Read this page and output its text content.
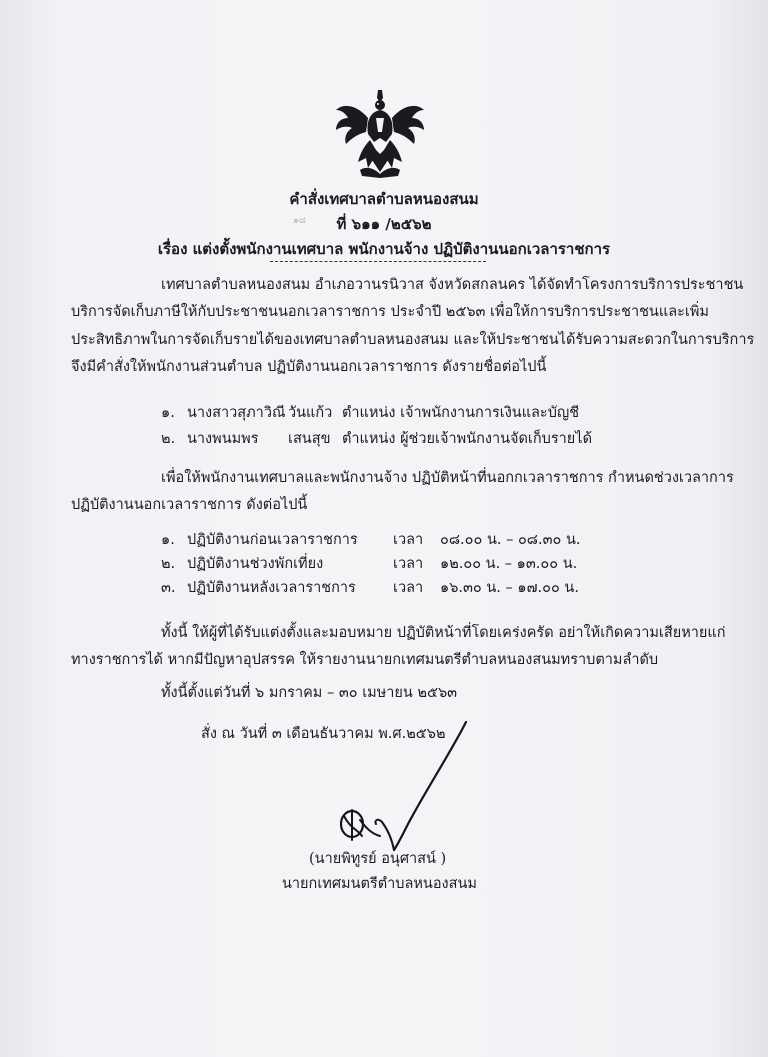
๑๘
คำสั่งเทศบาลตำบลหนองสนม
ที่ ๖๑๑ /๒๕๖๒
เรื่อง แต่งตั้งพนักงานเทศบาล พนักงานจ้าง ปฏิบัติงานนอกเวลาราชการ
เทศบาลตำบลหนองสนม อำเภอวานรนิวาส จังหวัดสกลนคร ได้จัดทำโครงการบริการประชาชน
บริการจัดเก็บภาษีให้กับประชาชนนอกเวลาราชการ ประจำปี ๒๕๖๓ เพื่อให้การบริการประชาชนและเพิ่ม
ประสิทธิภาพในการจัดเก็บรายได้ของเทศบาลตำบลหนองสนม และให้ประชาชนได้รับความสะดวกในการบริการ
จึงมีคำสั่งให้พนักงานส่วนตำบล ปฏิบัติงานนอกเวลาราชการ ดังรายชื่อต่อไปนี้
๑. นางสาวสุภาวิณี วันแก้ว ตำแหน่ง เจ้าพนักงานการเงินและบัญชี
๒. นางพนมพร เสนสุข ตำแหน่ง ผู้ช่วยเจ้าพนักงานจัดเก็บรายได้
เพื่อให้พนักงานเทศบาลและพนักงานจ้าง ปฏิบัติหน้าที่นอกกเวลาราชการ กำหนดช่วงเวลาการ
ปฏิบัติงานนอกเวลาราชการ ดังต่อไปนี้
๑. ปฏิบัติงานก่อนเวลาราชการ เวลา ๐๘.๐๐ น. – ๐๘.๓๐ น.
๒. ปฏิบัติงานช่วงพักเที่ยง	เวลา ๑๒.๐๐ น. – ๑๓.๐๐ น.
๓. ปฏิบัติงานหลังเวลาราชการ	เวลา ๑๖.๓๐ น. – ๑๗.๐๐ น.
ทั้งนี้ ให้ผู้ที่ได้รับแต่งตั้งและมอบหมาย ปฏิบัติหน้าที่โดยเคร่งครัด อย่าให้เกิดความเสียหายแก่
ทางราชการได้ หากมีปัญหาอุปสรรค ให้รายงานนายกเทศมนตรีตำบลหนองสนมทราบตามลำดับ
ทั้งนี้ตั้งแต่วันที่ ๖ มกราคม – ๓๐ เมษายน ๒๕๖๓
สั่ง ณ วันที่ ๓ เดือนธันวาคม พ.ศ.๒๕๖๒
(นายพิทูรย์ อนุศาสน์ )
นายกเทศมนตรีตำบลหนองสนม
